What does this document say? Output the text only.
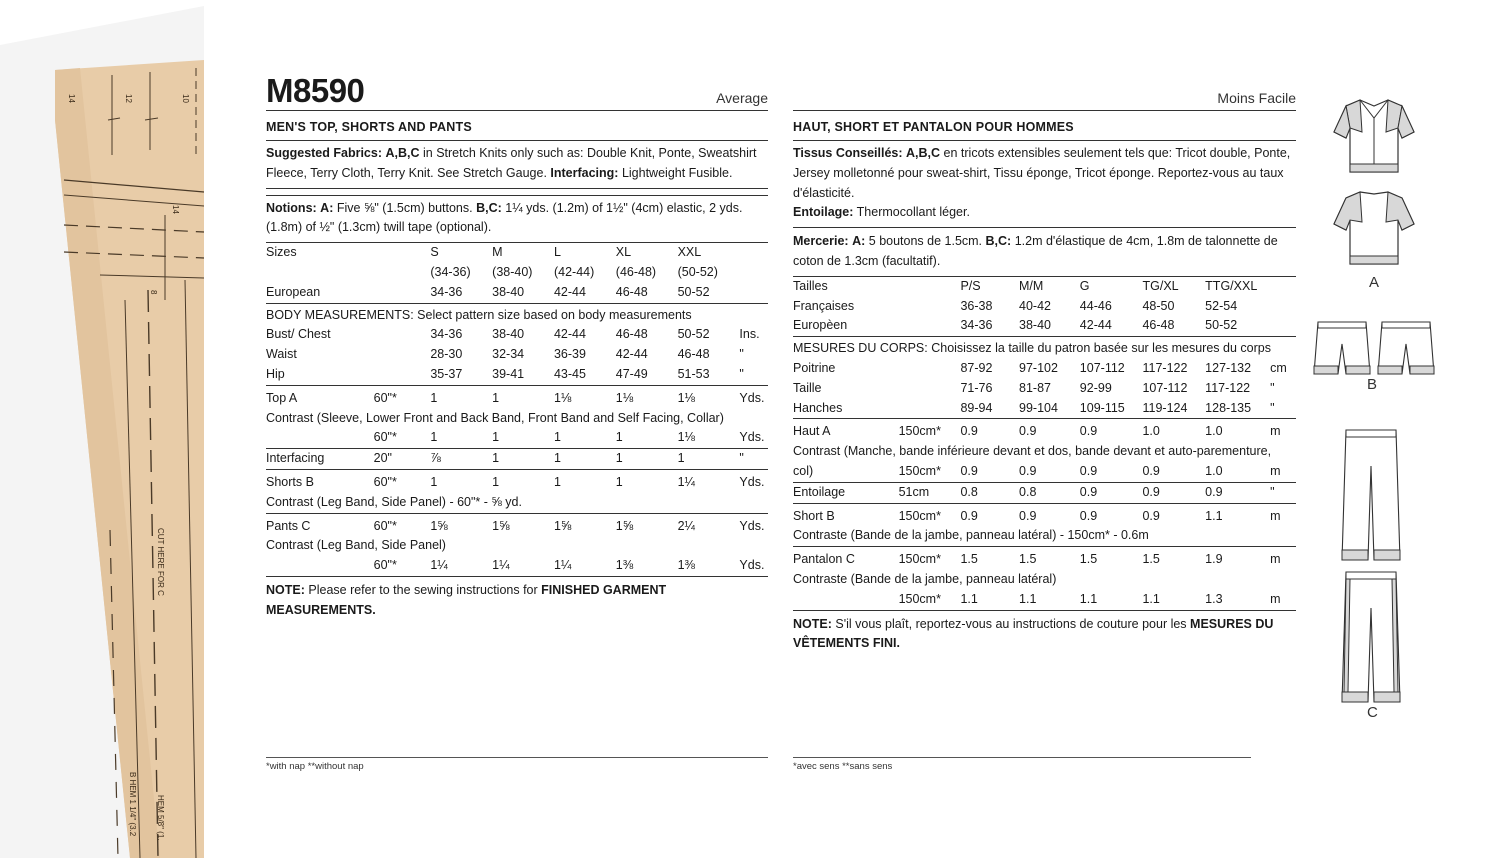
14	12	10
14
8
CUT HERE FOR C
B HEM 1 1/4" (3.2 HEM 5/8" (1.
M8590	Average
MEN'S TOP, SHORTS AND PANTS
Suggested Fabrics: A,B,C in Stretch Knits only such as: Double Knit, Ponte, Sweatshirt Fleece, Terry Cloth, Terry Knit. See Stretch Gauge. Interfacing: Lightweight Fusible.
Notions: A: Five ⅝" (1.5cm) buttons. B,C: 1¼ yds. (1.2m) of 1½" (4cm) elastic, 2 yds. (1.8m) of ½" (1.3cm) twill tape (optional).
Sizes		S	M	L	XL	XXL	
		(34-36)	(38-40)	(42-44)	(46-48)	(50-52)	
European		34-36	38-40	42-44	46-48	50-52	
BODY MEASUREMENTS: Select pattern size based on body measurements							
Bust/ Chest		34-36	38-40	42-44	46-48	50-52	Ins.
Waist		28-30	32-34	36-39	42-44	46-48	"
Hip		35-37	39-41	43-45	47-49	51-53	"
Top A	60"*	1	1	1⅛	1⅛	1⅛	Yds.
Contrast (Sleeve, Lower Front and Back Band, Front Band and Self Facing, Collar)							
	60"*	1	1	1	1	1⅛	Yds.
Interfacing	20"	⅞	1	1	1	1	"
Shorts B	60"*	1	1	1	1	1¼	Yds.
Contrast (Leg Band, Side Panel) - 60"* - ⅝ yd.							
Pants C	60"*	1⅝	1⅝	1⅝	1⅝	2¼	Yds.
Contrast (Leg Band, Side Panel)							
	60"*	1¼	1¼	1¼	1⅜	1⅜	Yds.
NOTE: Please refer to the sewing instructions for FINISHED GARMENT MEASUREMENTS.
Moins Facile
HAUT, SHORT ET PANTALON POUR HOMMES
Tissus Conseillés: A,B,C en tricots extensibles seulement tels que: Tricot double, Ponte, Jersey molletonné pour sweat-shirt, Tissu éponge, Tricot éponge. Reportez-vous au taux d'élasticité.
Entoilage: Thermocollant léger.
Mercerie: A: 5 boutons de 1.5cm. B,C: 1.2m d'élastique de 4cm, 1.8m de talonnette de coton de 1.3cm (facultatif).
Tailles		P/S	M/M	G	TG/XL	TTG/XXL	
Françaises		36-38	40-42	44-46	48-50	52-54	
Europèen		34-36	38-40	42-44	46-48	50-52	
MESURES DU CORPS: Choisissez la taille du patron basée sur les mesures du corps							
Poitrine		87-92	97-102	107-112	117-122	127-132	cm
Taille		71-76	81-87	92-99	107-112	117-122	"
Hanches		89-94	99-104	109-115	119-124	128-135	"
Haut A	150cm*	0.9	0.9	0.9	1.0	1.0	m
Contrast (Manche, bande inférieure devant et dos, bande devant et auto-parementure,							
col)	150cm*	0.9	0.9	0.9	0.9	1.0	m
Entoilage	51cm	0.8	0.8	0.9	0.9	0.9	"
Short B	150cm*	0.9	0.9	0.9	0.9	1.1	m
Contraste (Bande de la jambe, panneau latéral) - 150cm* - 0.6m							
Pantalon C	150cm*	1.5	1.5	1.5	1.5	1.9	m
Contraste (Bande de la jambe, panneau latéral)							
	150cm*	1.1	1.1	1.1	1.1	1.3	m
NOTE: S'il vous plaît, reportez-vous au instructions de couture pour les MESURES DU VÊTEMENTS FINI.
*with nap **without nap	*avec sens **sans sens
A
B
C
